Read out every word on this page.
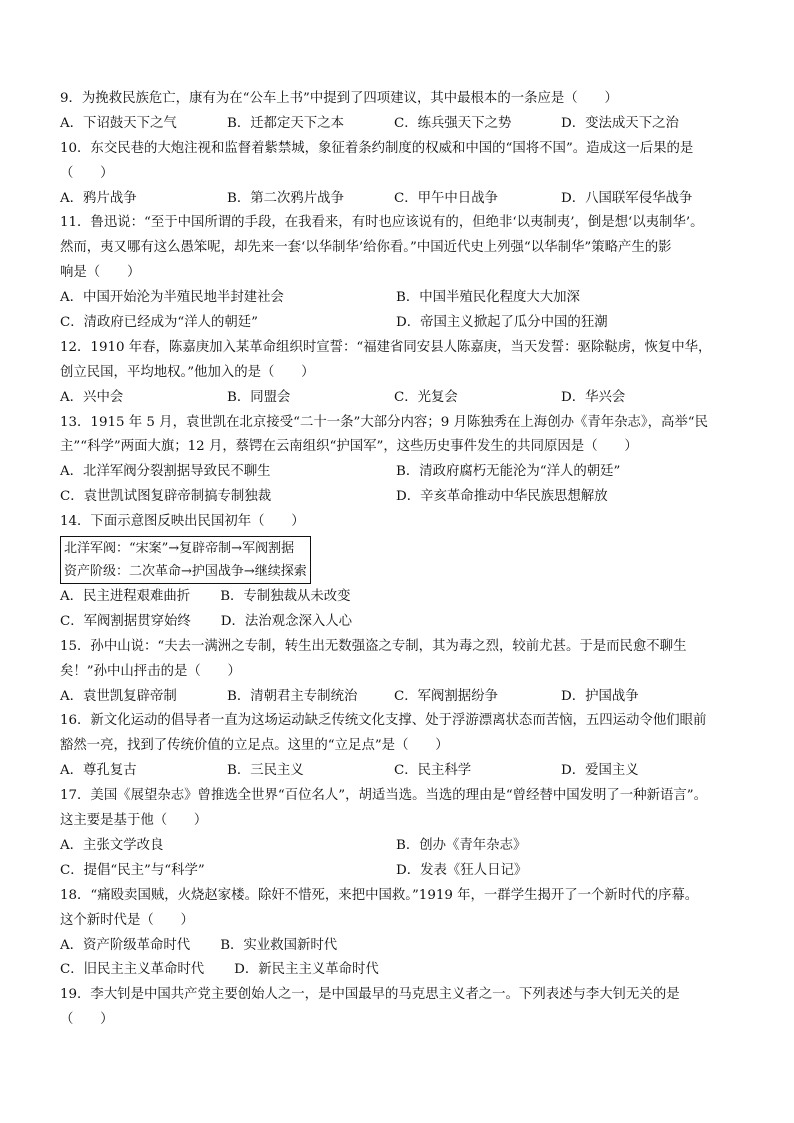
9．为挽救民族危亡，康有为在“公车上书”中提到了四项建议，其中最根本的一条应是（　　）
A．下诏鼓天下之气	B．迁都定天下之本	C．练兵强天下之势	D．变法成天下之治
10．东交民巷的大炮注视和监督着紫禁城，象征着条约制度的权威和中国的“国将不国”。造成这一后果的是
（　　）
A．鸦片战争	B．第二次鸦片战争	C．甲午中日战争	D．八国联军侵华战争
11．鲁迅说：“至于中国所谓的手段，在我看来，有时也应该说有的，但绝非‘以夷制夷’，倒是想‘以夷制华’。
然而，夷又哪有这么愚笨呢，却先来一套‘以华制华’给你看。”中国近代史上列强“以华制华”策略产生的影
响是（　　）
A．中国开始沦为半殖民地半封建社会	B．中国半殖民化程度大大加深
C．清政府已经成为“洋人的朝廷”	D．帝国主义掀起了瓜分中国的狂潮
12．1910 年春，陈嘉庚加入某革命组织时宣誓：“福建省同安县人陈嘉庚，当天发誓：驱除鞑虏，恢复中华，
创立民国，平均地权。”他加入的是（　　）
A．兴中会	B．同盟会	C．光复会	D．华兴会
13．1915 年 5 月，袁世凯在北京接受“二十一条”大部分内容；9 月陈独秀在上海创办《青年杂志》，高举“民
主”“科学”两面大旗；12 月，蔡锷在云南组织“护国军”，这些历史事件发生的共同原因是（　　）
A．北洋军阀分裂割据导致民不聊生	B．清政府腐朽无能沦为“洋人的朝廷”
C．袁世凯试图复辟帝制搞专制独裁	D．辛亥革命推动中华民族思想解放
14．下面示意图反映出民国初年（　　）
北洋军阀：“宋案”→复辟帝制→军阀割据
资产阶级：二次革命→护国战争→继续探索
A．民主进程艰难曲折 B．专制独裁从未改变
C．军阀割据贯穿始终 D．法治观念深入人心
15．孙中山说：“夫去一满洲之专制，转生出无数强盗之专制，其为毒之烈，较前尤甚。于是而民愈不聊生
矣！”孙中山抨击的是（　　）
A．袁世凯复辟帝制	B．清朝君主专制统治	C．军阀割据纷争	D．护国战争
16．新文化运动的倡导者一直为这场运动缺乏传统文化支撑、处于浮游漂离状态而苦恼，五四运动令他们眼前
豁然一亮，找到了传统价值的立足点。这里的“立足点”是（　　）
A．尊孔复古	B．三民主义	C．民主科学	D．爱国主义
17．美国《展望杂志》曾推选全世界“百位名人”，胡适当选。当选的理由是“曾经替中国发明了一种新语言”。
这主要是基于他（　　）
A．主张文学改良	B．创办《青年杂志》
C．提倡“民主”与“科学”	D．发表《狂人日记》
18．“痛殴卖国贼，火烧赵家楼。除奸不惜死，来把中国救。”1919 年，一群学生揭开了一个新时代的序幕。
这个新时代是（　　）
A．资产阶级革命时代 B．实业救国新时代
C．旧民主主义革命时代 D．新民主主义革命时代
19．李大钊是中国共产党主要创始人之一，是中国最早的马克思主义者之一。下列表述与李大钊无关的是
（　　）
